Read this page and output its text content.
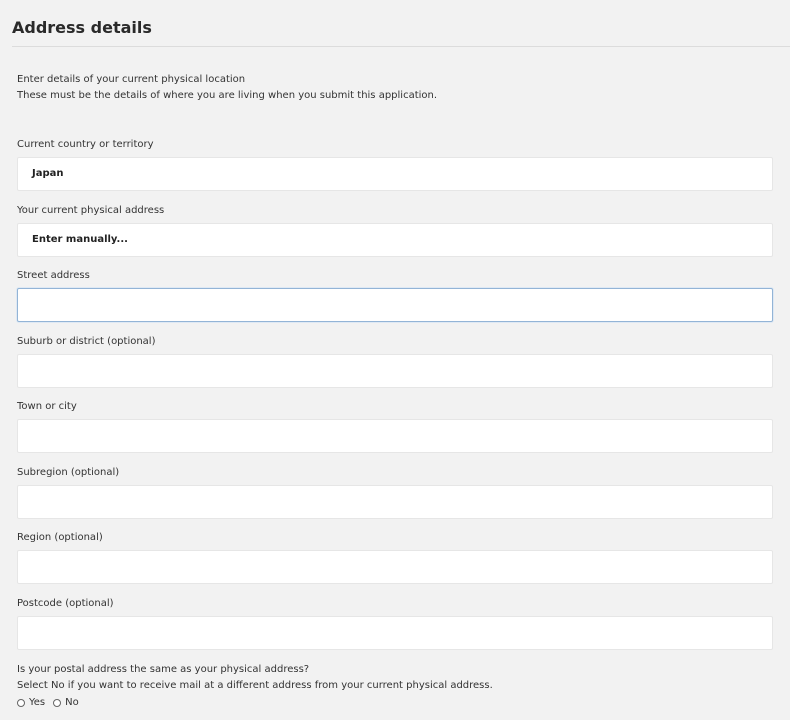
Address details
Enter details of your current physical location
These must be the details of where you are living when you submit this application.
Current country or territory
Japan
Your current physical address
Enter manually...
Street address
Suburb or district (optional)
Town or city
Subregion (optional)
Region (optional)
Postcode (optional)
Is your postal address the same as your physical address?
Select No if you want to receive mail at a different address from your current physical address.
Yes No
